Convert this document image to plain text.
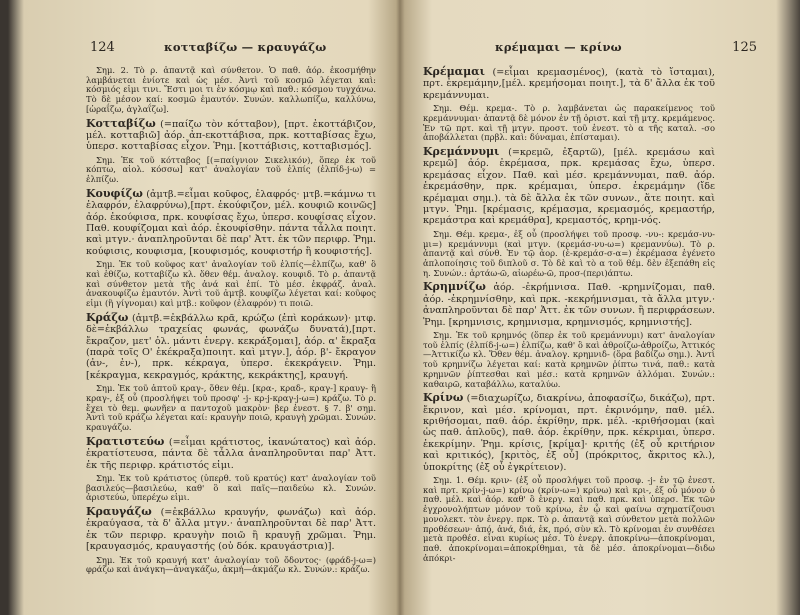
124	κοτταβίζω — κραυγάζω

Σημ. 2. Τὸ ρ. ἀπαντᾷ καὶ σύνθετον. Ὁ παθ. ἀόρ. ἐκοσμήθην λαμβάνεται ἐνίοτε καὶ ὡς μέσ. Ἀντὶ τοῦ κοσμῶ λέγεται καὶ: κόσμιός εἰμι τινι. Ἔστι μοι τι ἐν κόσμῳ καὶ παθ.: κόσμου τυγχάνω. Τὸ δὲ μέσον καί: κοσμῶ ἐμαυτόν. Συνών. καλλωπίζω, καλλύνω, [ὡραΐζω, ἀγλαΐζω].

Κοτταβίζω (=παίζω τὸν κότταβον), [πρτ. ἐκοττάβιζον, μέλ. κοτταβιῶ] ἀόρ. ἀπ-εκοττάβισα, πρκ. κοτταβίσας ἔχω, ὑπερσ. κοτταβίσας εἶχον. Ῥημ. [κοττάβισις, κοτταβισμός].

Σημ. Ἐκ τοῦ κότταβος [(=παίγνιον Σικελικόν), ὅπερ ἐκ τοῦ κόπτω, αἰολ. κόσσω] κατ' ἀναλογίαν τοῦ ἐλπίς (ἐλπίδ-j-ω) = ἐλπίζω.

Κουφίζω (ἀμτβ.=εἶμαι κοῦφος, ἐλαφρός· μτβ.=κάμνω τι ἐλαφρόν, ἐλαφρύνω),[πρτ. ἐκούφιζον, μέλ. κουφιῶ κοινῶς] ἀόρ. ἐκούφισα, πρκ. κουφίσας ἔχω, ὑπερσ. κουφίσας εἶχον. Παθ. κουφίζομαι καὶ ἀόρ. ἐκουφίσθην. πάντα τἆλλα ποιητ. καὶ μτγν.· ἀναπληροῦνται δὲ παρ' Ἀττ. ἐκ τῶν περιφρ. Ῥημ. κούφισις, κουφισμα, [κουφισμός, κουφιστήρ ἢ κουφιστής].

Σημ. Ἐκ τοῦ κοῦφος κατ' ἀναλογίαν τοῦ ἐλπίς—ἐλπίζω, καθ' ὃ καὶ ἐθίζω, κοτταβίζω κλ. ὅθεν θέμ. ἀναλογ. κουφιδ. Τὸ ρ. ἀπαντᾷ καὶ σύνθετον μετὰ τῆς ἀνά καὶ ἐπί. Τὸ μέσ. ἐκφράζ. ἀναλ. ἀνακουφίζω ἐμαυτόν. Ἀντὶ τοῦ ἀμτβ. κουφίζω λέγεται καί: κοῦφος εἰμι (ἢ γίγνομαι) καὶ μτβ.: κοῦφον (ἐλαφρόν) τι ποιῶ.

Κράζω (ἀμτβ.=ἐκβάλλω κρᾶ, κρώζω (ἐπὶ κοράκων)· μτφ. δὲ=ἐκβάλλω τραχείας φωνάς, φωνάζω δυνατά),[πρτ. ἔκραζον, μετ' ὀλ. μάντι ἐνεργ. κεκράξομαι], ἀόρ. α' ἔκραξα (παρὰ τοῖς Ο' ἐκέκραξα)ποιητ. καὶ μτγν.], ἀόρ. β'- ἔκραγον (ἀν-, ἐν-), πρκ. κέκραγα, ὑπερσ. ἐκεκράγειν. Ῥημ. [κέκραγμα, κεκραγμός, κράκτης, κεκράκτης], κραυγή.

Σημ. Ἐκ τοῦ ἀπτοῦ κραγ-, ὅθεν θέμ. [κρα-, κραδ-, κραγ-] κραυγ- ἢ κραγ-, ἐξ οὗ (προσλήψει τοῦ προσφ' -j- κρ-j-κραγ-j-ω=) κράζω. Τὸ ρ. ἔχει τὸ θεμ. φωνῆεν α παντοχοῦ μακρὸν· βερ ἐνεστ. § 7. β' σημ. Ἀντὶ τοῦ κράζω λέγεται καί: κραυγὴν ποιῶ, κραυγὴ χρῶμαι. Συνών. κραυγάζω.

Κρατιστεύω (=εἶμαι κράτιστος, ἱκανώτατος) καὶ ἀόρ. ἐκρατίστευσα, πάντα δὲ τἆλλα ἀναπληροῦνται παρ' Ἀττ. ἐκ τῆς περιφρ. κράτιστός εἰμι.

Σημ. Ἐκ τοῦ κράτιστος (ὑπερθ. τοῦ κρατύς) κατ' ἀναλογίαν τοῦ βασιλεύς—βασιλεύω, καθ' ὃ καὶ παῖς—παιδεύω κλ. Συνών. ἀριστεύω, ὑπερέχω εἰμι.

Κραυγάζω (=ἐκβάλλω κραυγήν, φωνάζω) καὶ ἀόρ. ἐκραύγασα, τὰ δ' ἄλλα μτγν.· ἀναπληροῦνται δὲ παρ' Ἀττ. ἐκ τῶν περιφρ. κραυγὴν ποιῶ ἢ κραυγῇ χρῶμαι. Ῥημ. [κραυγασμός, κραυγαστής (οὐ δόκ. κραυγάστρια)].

Σημ. Ἐκ τοῦ κραυγή κατ' ἀναλογίαν τοῦ ὄδοντος· (φράδ-j-ω=) φράζω καὶ ἀνάγκη—ἀναγκάζω, ἀκμή—ἀκμάζω κλ. Συνών.: κράζω.

κρέμαμαι — κρίνω	125

Κρέμαμαι (=εἶμαι κρεμασμένος), (κατὰ τὸ ἵσταμαι), πρτ. ἐκρεμάμην,[μέλ. κρεμήσομαι ποιητ.], τὰ δ' ἄλλα ἐκ τοῦ κρεμάννυμαι.

Σημ. Θέμ. κρεμα-. Τὸ ρ. λαμβάνεται ὡς παρακείμενος τοῦ κρεμάννυμαι· ἀπαντᾷ δὲ μόνον ἐν τῇ ὁριστ. καὶ τῇ μτχ. κρεμάμενος. Ἐν τῷ πρτ. καὶ τῇ μτγν. προστ. τοῦ ἐνεστ. τὸ α τῆς καταλ. -σο ἀποβάλλεται (πρβλ. καὶ: δύναμαι, ἐπίσταμαι).

Κρεμάννυμι (=κρεμῶ, ἐξαρτῶ), [μέλ. κρεμάσω καὶ κρεμῶ] ἀόρ. ἐκρέμασα, πρκ. κρεμάσας ἔχω, ὑπερσ. κρεμάσας εἶχον. Παθ. καὶ μέσ. κρεμάννυμαι, παθ. ἀόρ. ἐκρεμάσθην, πρκ. κρέμαμαι, ὑπερσ. ἐκρεμάμην (ἴδε κρέμαμαι σημ.). τὰ δὲ ἄλλα ἐκ τῶν συνων., ἅτε ποιητ. καὶ μτγν. Ῥημ. [κρέμασις, κρέμασμα, κρεμασμός, κρεμαστήρ, κρεμάστρα καὶ κρεμάθρα], κρεμαστός, κρημ-νός.

Σημ. Θέμ. κρεμα-, ἐξ οὗ (προσλήψει τοῦ προσφ. -νυ-: κρεμάσ-νυ-μι=) κρεμάννυμι (καὶ μτγν. (κρεμάσ-νυ-ω=) κρεμαννύω). Τὸ ρ. ἀπαντᾷ καὶ σύνθ. Ἐν τῷ ἀορ. (ἐ-κρεμάσ-σ-α=) ἐκρέμασα ἐγένετο ἀπλοποίησις τοῦ διπλοῦ σ. Τὸ δὲ καὶ τὸ α τοῦ θέμ. δὲν ἐξεπάθη εἰς η. Συνών.: ἀρτάω-ῶ, αἰωρέω-ῶ, προσ-(περι)άπτω.

Κρημνίζω ἀόρ. -ἐκρήμνισα. Παθ. -κρημνίζομαι, παθ. ἀόρ. -ἐκρημνίσθην, καὶ πρκ. -κεκρήμνισμαι, τὰ ἄλλα μτγν.· ἀναπληροῦνται δὲ παρ' Ἀττ. ἐκ τῶν συνων. ἢ περιφράσεων. Ῥημ. [κρημνισις, κρημνισμα, κρημνισμός, κρημνιστής].

Σημ. Ἐκ τοῦ κρημνός (ὅπερ ἐκ τοῦ κρεμάννυμι) κατ' ἀναλογίαν τοῦ ἐλπίς (ἐλπίδ-j-ω=) ἐλπίζω, καθ' ὃ καὶ ἀθροίζω-ἀθροίζω, Ἀττικός—Ἀττικίζω κλ. Ὅθεν θέμ. ἀναλογ. κρημνιδ- (ὅρα βαδίζω σημ.). Ἀντὶ τοῦ κρημνίζω λέγεται καί: κατὰ κρημνῶν ῥίπτω τινά, παθ.: κατὰ κρημνῶν ῥίπτεσθαι καὶ μέσ.: κατὰ κρημνῶν ἀλλόμαι. Συνών.: καθαιρῶ, καταβάλλω, καταλύω.

Κρίνω (=διαχωρίζω, διακρίνω, ἀποφασίζω, δικάζω), πρτ. ἔκρινον, καὶ μέσ. κρίνομαι, πρτ. ἐκρινόμην, παθ. μέλ. κριθήσομαι, παθ. ἀόρ. ἐκρίθην, πρκ. μέλ. -κριθήσομαι (καὶ ὡς παθ. ἀπλοῦς), παθ. ἀόρ. ἐκρίθην, πρκ. κέκριμαι, ὑπερσ. ἐκεκρίμην. Ῥημ. κρίσις, [κρίμα]· κριτής (ἐξ οὗ κριτήριον καὶ κριτικός), [κριτὸς, ἐξ οὗ] (πρόκριτος, ἄκριτος κλ.), ὑποκρίτης (ἐξ οὗ ἐγκρίτειον).

Σημ. 1. Θέμ. κριν- (ἐξ οὗ προσλήψει τοῦ προσφ. -j- ἐν τῷ ἐνεστ. καὶ πρτ. κρίν-j-ω=) κρίνω (κρίν-ω=) κρίνω) καὶ κρι-, ἐξ οὗ μόνον ὁ παθ. μέλ. καὶ ἀόρ. καθ' ὃ ἐνεργ. καὶ παθ. πρκ. καὶ ὑπερσ. Ἐκ τῶν ἐγχρονολήπτων μόνον τοῦ κρίνω, ἐν ᾧ καὶ φαίνω σχηματίζουσι μονολεκτ. τὸν ἐνεργ. πρκ. Τὸ ρ. ἀπαντᾷ καὶ σύνθετον μετὰ πολλῶν προθέσεων· ἀπό, ἀνά, διά, ἐκ, πρό, σὺν κλ. Τὸ κρίνομαι ἐν συνθέσει μετὰ προθέσ. εἶναι κυρίως μέσ. Τὸ ἐνεργ. ἀποκρίνω—ἀποκρίνομαι, παθ. ἀποκρίνομαι=ἀποκρίθημαι, τὰ δὲ μέσ. ἀποκρίνομαι—διδω ἀπόκρι-
